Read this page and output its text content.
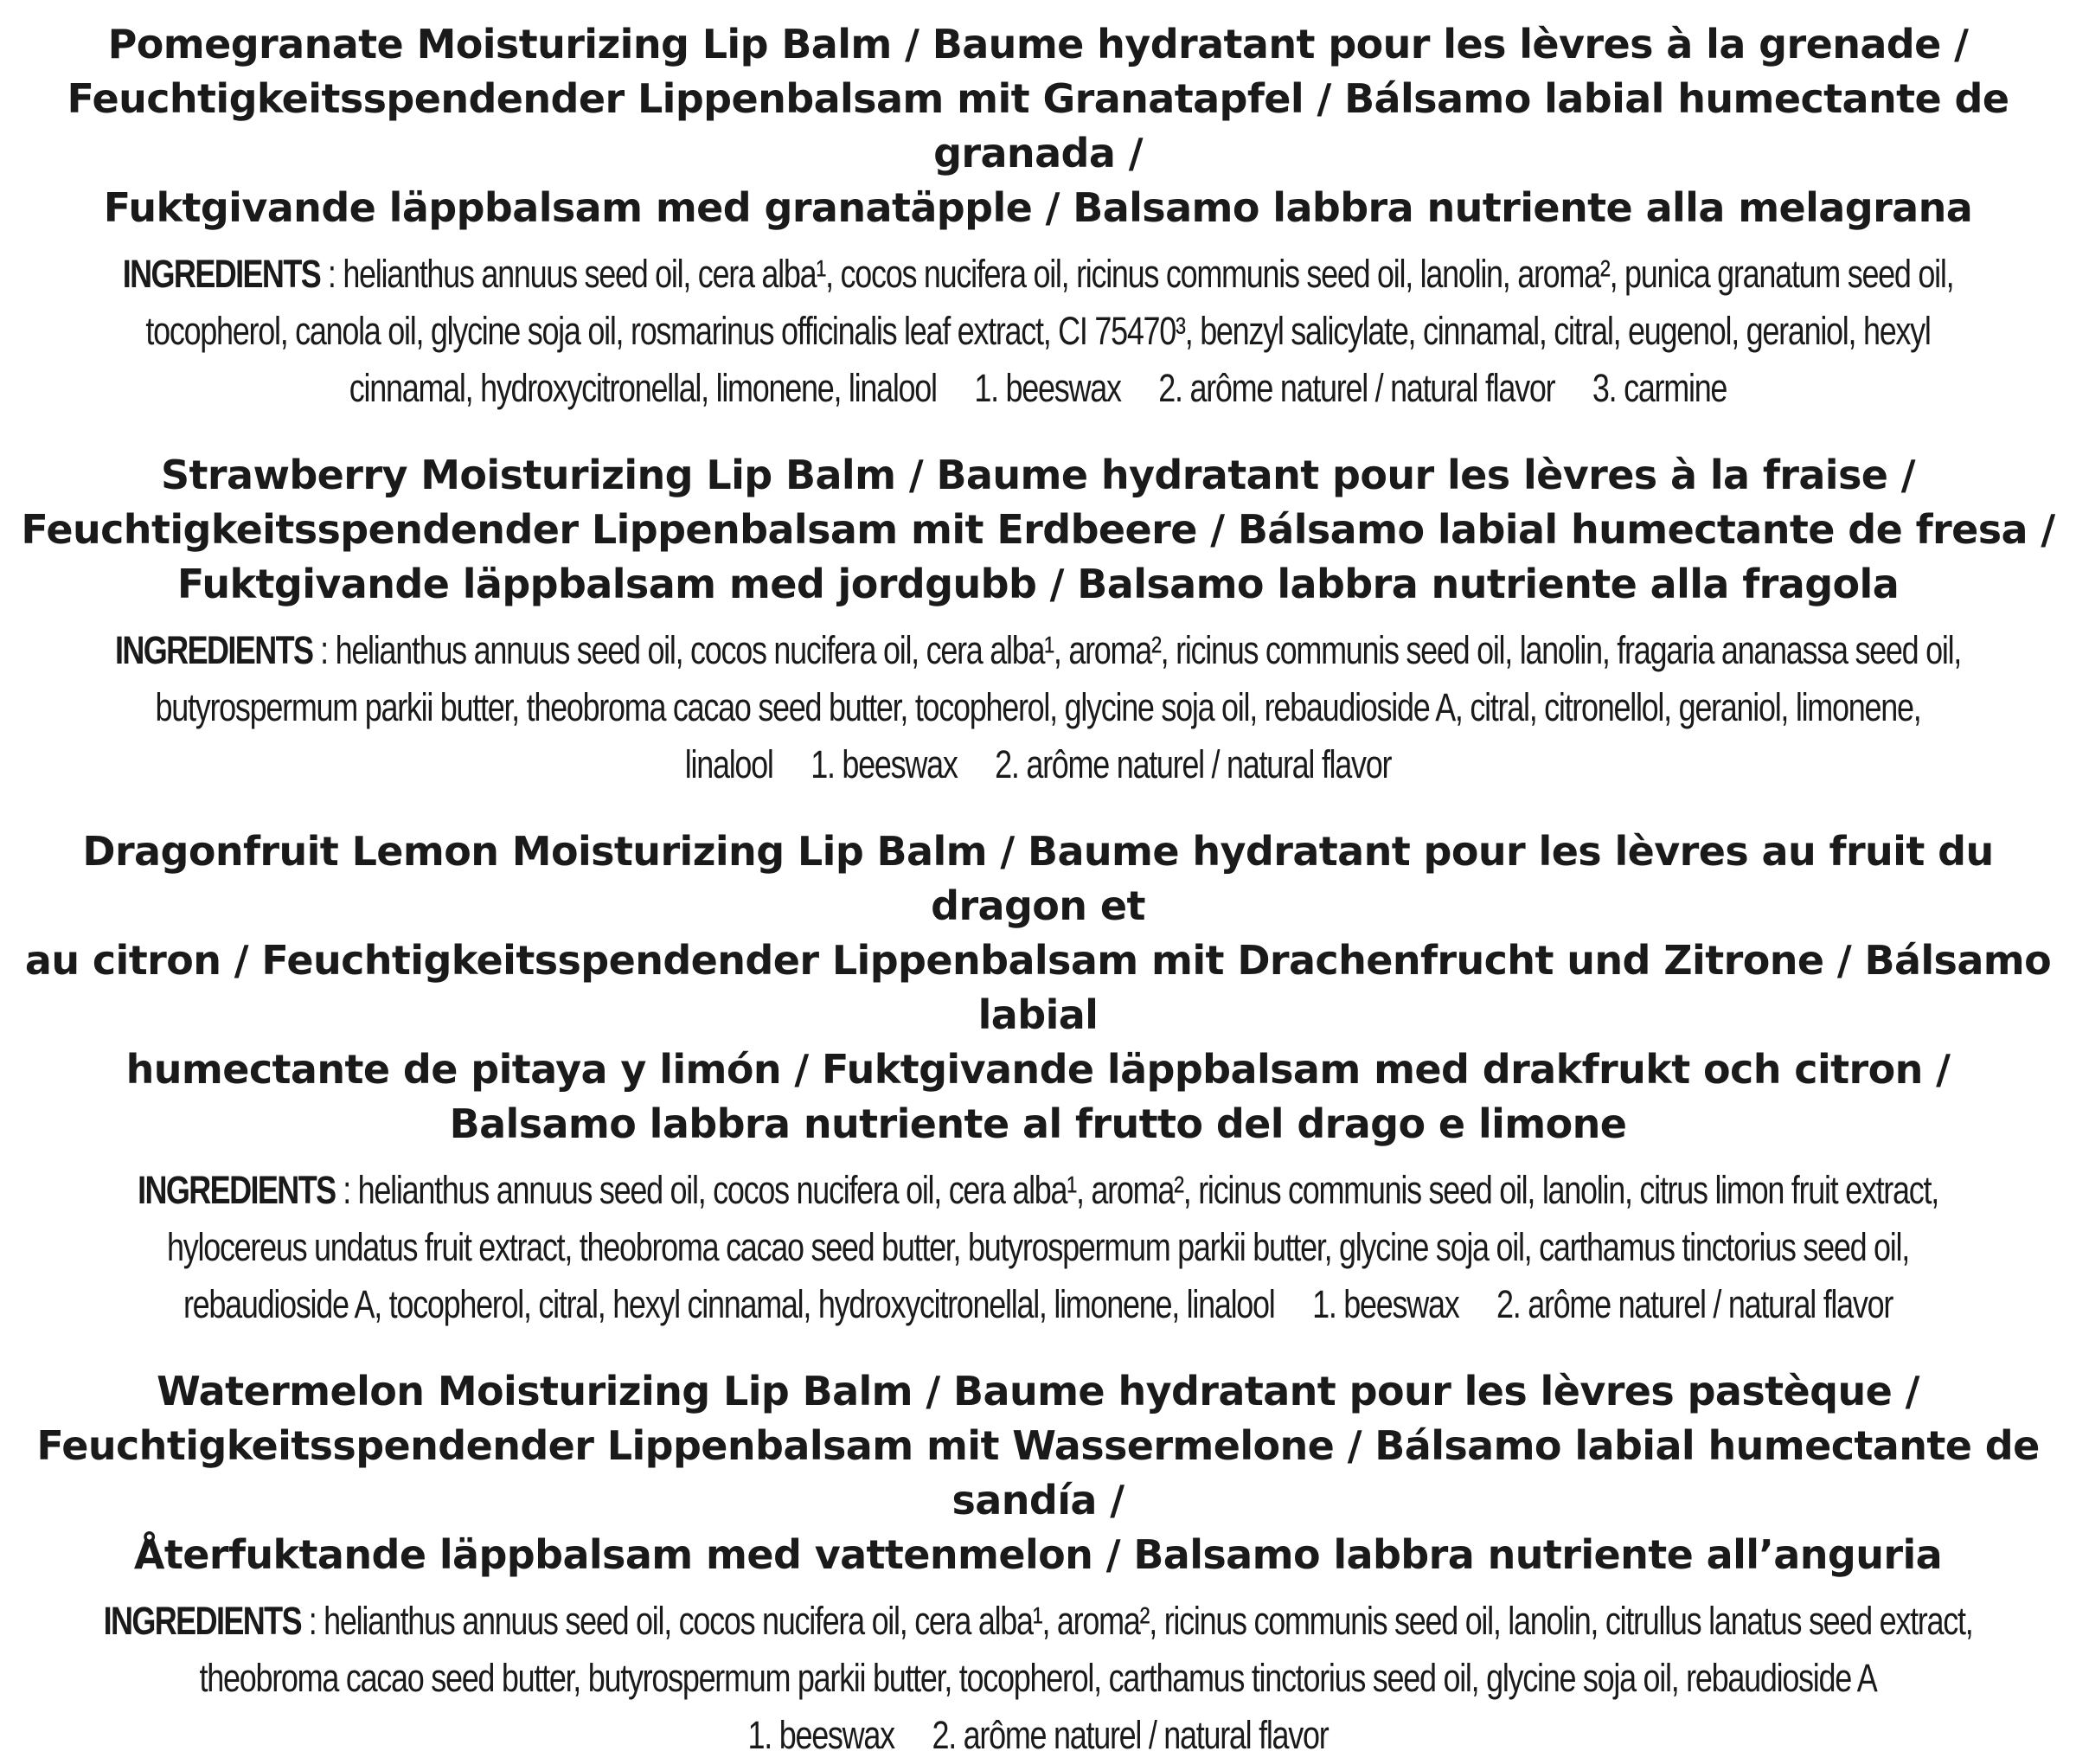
Pomegranate Moisturizing Lip Balm / Baume hydratant pour les lèvres à la grenade /
Feuchtigkeitsspendender Lippenbalsam mit Granatapfel / Bálsamo labial humectante de granada /
Fuktgivande läppbalsam med granatäpple / Balsamo labbra nutriente alla melagrana

INGREDIENTS : helianthus annuus seed oil, cera alba¹, cocos nucifera oil, ricinus communis seed oil, lanolin, aroma², punica granatum seed oil,
tocopherol, canola oil, glycine soja oil, rosmarinus officinalis leaf extract, CI 75470³, benzyl salicylate, cinnamal, citral, eugenol, geraniol, hexyl
cinnamal, hydroxycitronellal, limonene, linalool 1. beeswax 2. arôme naturel / natural flavor 3. carmine

Strawberry Moisturizing Lip Balm / Baume hydratant pour les lèvres à la fraise /
Feuchtigkeitsspendender Lippenbalsam mit Erdbeere / Bálsamo labial humectante de fresa /
Fuktgivande läppbalsam med jordgubb / Balsamo labbra nutriente alla fragola

INGREDIENTS : helianthus annuus seed oil, cocos nucifera oil, cera alba¹, aroma², ricinus communis seed oil, lanolin, fragaria ananassa seed oil,
butyrospermum parkii butter, theobroma cacao seed butter, tocopherol, glycine soja oil, rebaudioside A, citral, citronellol, geraniol, limonene,
linalool 1. beeswax 2. arôme naturel / natural flavor

Dragonfruit Lemon Moisturizing Lip Balm / Baume hydratant pour les lèvres au fruit du dragon et
au citron / Feuchtigkeitsspendender Lippenbalsam mit Drachenfrucht und Zitrone / Bálsamo labial
humectante de pitaya y limón / Fuktgivande läppbalsam med drakfrukt och citron /
Balsamo labbra nutriente al frutto del drago e limone

INGREDIENTS : helianthus annuus seed oil, cocos nucifera oil, cera alba¹, aroma², ricinus communis seed oil, lanolin, citrus limon fruit extract,
hylocereus undatus fruit extract, theobroma cacao seed butter, butyrospermum parkii butter, glycine soja oil, carthamus tinctorius seed oil,
rebaudioside A, tocopherol, citral, hexyl cinnamal, hydroxycitronellal, limonene, linalool 1. beeswax 2. arôme naturel / natural flavor

Watermelon Moisturizing Lip Balm / Baume hydratant pour les lèvres pastèque /
Feuchtigkeitsspendender Lippenbalsam mit Wassermelone / Bálsamo labial humectante de sandía /
Återfuktande läppbalsam med vattenmelon / Balsamo labbra nutriente all’anguria

INGREDIENTS : helianthus annuus seed oil, cocos nucifera oil, cera alba¹, aroma², ricinus communis seed oil, lanolin, citrullus lanatus seed extract,
theobroma cacao seed butter, butyrospermum parkii butter, tocopherol, carthamus tinctorius seed oil, glycine soja oil, rebaudioside A
1. beeswax 2. arôme naturel / natural flavor
